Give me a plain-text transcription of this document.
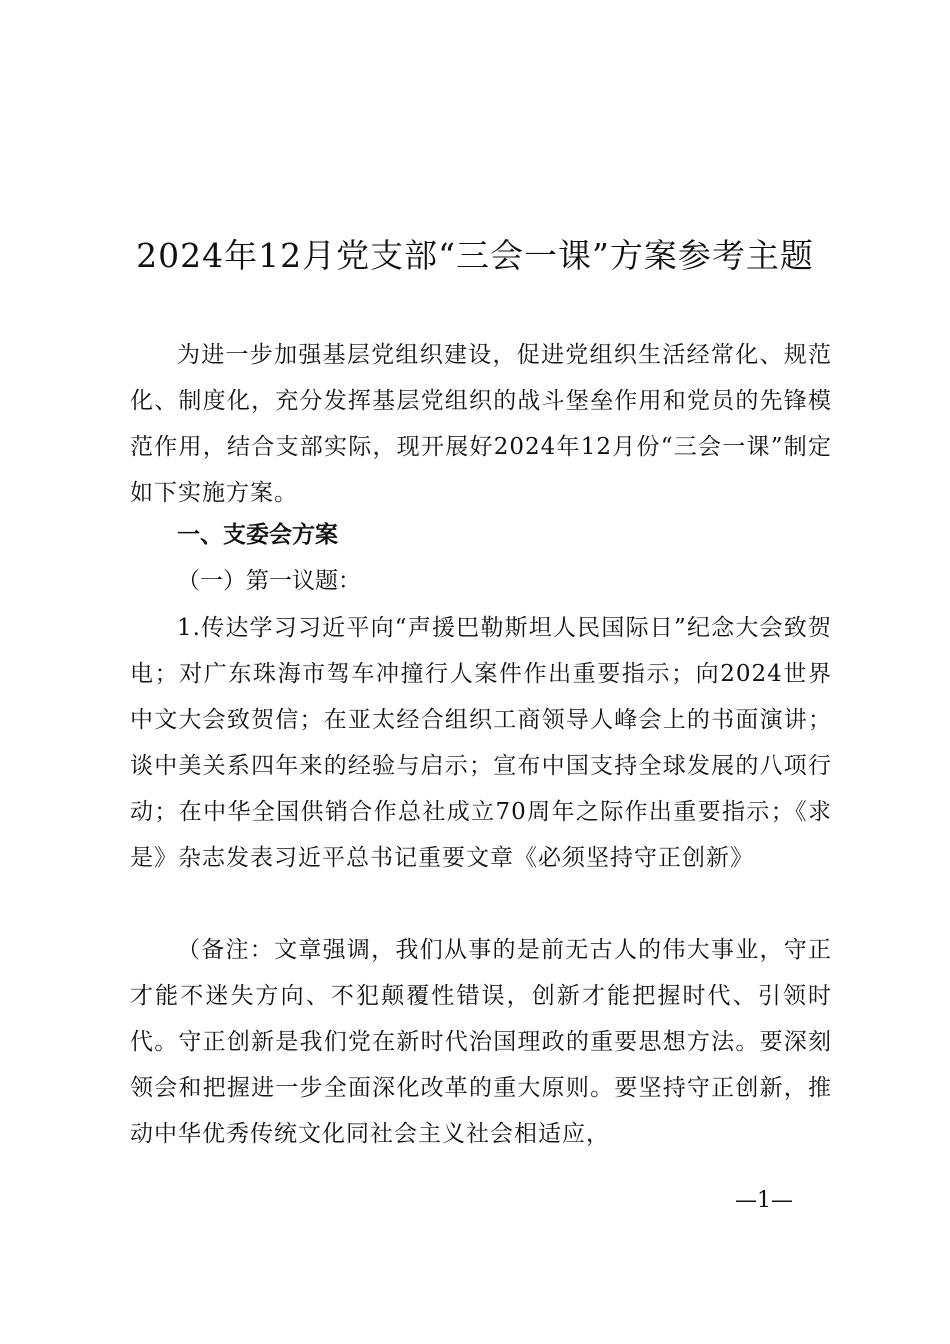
2024年12月党支部“三会一课”方案参考主题
为进一步加强基层党组织建设，促进党组织生活经常化、规范化、制度化，充分发挥基层党组织的战斗堡垒作用和党员的先锋模范作用，结合支部实际，现开展好2024年12月份“三会一课”制定如下实施方案。
一、支委会方案
（一）第一议题：
1.传达学习习近平向“声援巴勒斯坦人民国际日”纪念大会致贺电；对广东珠海市驾车冲撞行人案件作出重要指示；向2024世界中文大会致贺信；在亚太经合组织工商领导人峰会上的书面演讲；谈中美关系四年来的经验与启示；宣布中国支持全球发展的八项行动；在中华全国供销合作总社成立70周年之际作出重要指示；《求是》杂志发表习近平总书记重要文章《必须坚持守正创新》
（备注：文章强调，我们从事的是前无古人的伟大事业，守正才能不迷失方向、不犯颠覆性错误，创新才能把握时代、引领时代。守正创新是我们党在新时代治国理政的重要思想方法。要深刻领会和把握进一步全面深化改革的重大原则。要坚持守正创新，推动中华优秀传统文化同社会主义社会相适应，
—1—
